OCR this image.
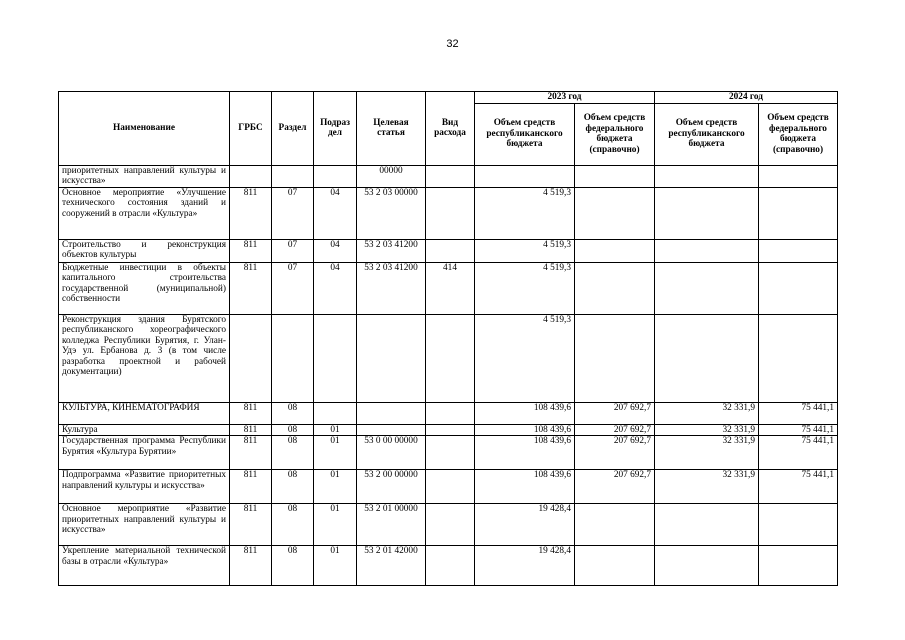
32
Наименование	ГРБС	Раздел	Подраз дел	Целевая статья	Вид расхода	2023 год		2024 год	
						Объем средств республиканского бюджета	Объем средств федерального бюджета (справочно)	Объем средств республиканского бюджета	Объем средств федерального бюджета (справочно)
приоритетных направлений культуры и искусства»				00000					
Основное мероприятие «Улучшение технического состояния зданий и сооружений в отрасли «Культура»	811	07	04	53 2 03 00000		4 519,3			
Строительство и реконструкция объектов культуры	811	07	04	53 2 03 41200		4 519,3			
Бюджетные инвестиции в объекты капитального строительства государственной (муниципальной) собственности	811	07	04	53 2 03 41200	414	4 519,3			
Реконструкция здания Бурятского республиканского хореографического колледжа Республики Бурятия, г. Улан-Удэ ул. Ербанова д. 3 (в том числе разработка проектной и рабочей документации)						4 519,3			
КУЛЬТУРА, КИНЕМАТОГРАФИЯ	811	08				108 439,6	207 692,7	32 331,9	75 441,1
Культура	811	08	01			108 439,6	207 692,7	32 331,9	75 441,1
Государственная программа Республики Бурятия «Культура Бурятии»	811	08	01	53 0 00 00000		108 439,6	207 692,7	32 331,9	75 441,1
Подпрограмма «Развитие приоритетных направлений культуры и искусства»	811	08	01	53 2 00 00000		108 439,6	207 692,7	32 331,9	75 441,1
Основное мероприятие «Развитие приоритетных направлений культуры и искусства»	811	08	01	53 2 01 00000		19 428,4			
Укрепление материальной технической базы в отрасли «Культура»	811	08	01	53 2 01 42000		19 428,4			
